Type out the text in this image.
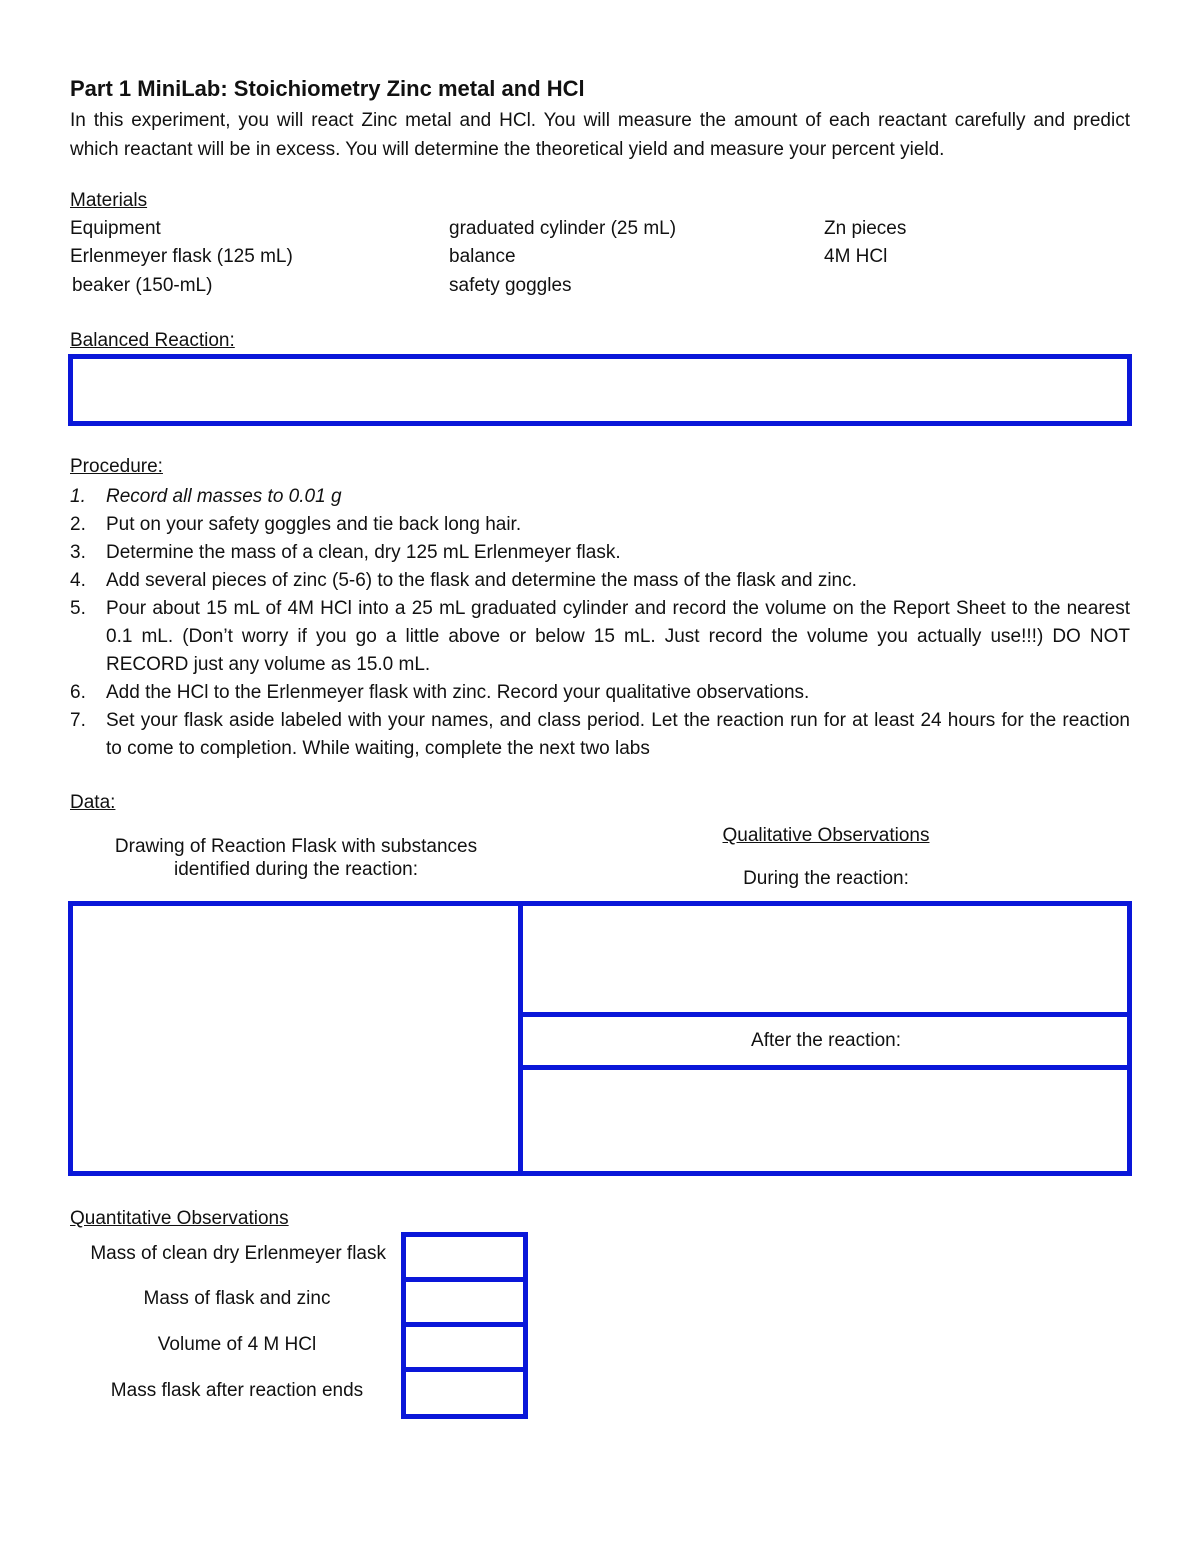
Part 1 MiniLab: Stoichiometry Zinc metal and HCl
In this experiment, you will react Zinc metal and HCl. You will measure the amount of each reactant carefully and predict which reactant will be in excess. You will determine the theoretical yield and measure your percent yield.
Materials
Equipment
Erlenmeyer flask (125 mL)
beaker (150-mL)
graduated cylinder (25 mL)
balance
safety goggles
Zn pieces
4M HCl
Balanced Reaction:
Procedure:
1. Record all masses to 0.01 g
2. Put on your safety goggles and tie back long hair.
3. Determine the mass of a clean, dry 125 mL Erlenmeyer flask.
4. Add several pieces of zinc (5-6) to the flask and determine the mass of the flask and zinc.
5. Pour about 15 mL of 4M HCl into a 25 mL graduated cylinder and record the volume on the Report Sheet to the nearest 0.1 mL. (Don’t worry if you go a little above or below 15 mL. Just record the volume you actually use!!!) DO NOT RECORD just any volume as 15.0 mL.
6. Add the HCl to the Erlenmeyer flask with zinc. Record your qualitative observations.
7. Set your flask aside labeled with your names, and class period. Let the reaction run for at least 24 hours for the reaction to come to completion. While waiting, complete the next two labs
Data:
Drawing of Reaction Flask with substances
identified during the reaction:
Qualitative Observations
During the reaction:
After the reaction:
Quantitative Observations
Mass of clean dry Erlenmeyer flask
Mass of flask and zinc
Volume of 4 M HCl
Mass flask after reaction ends
